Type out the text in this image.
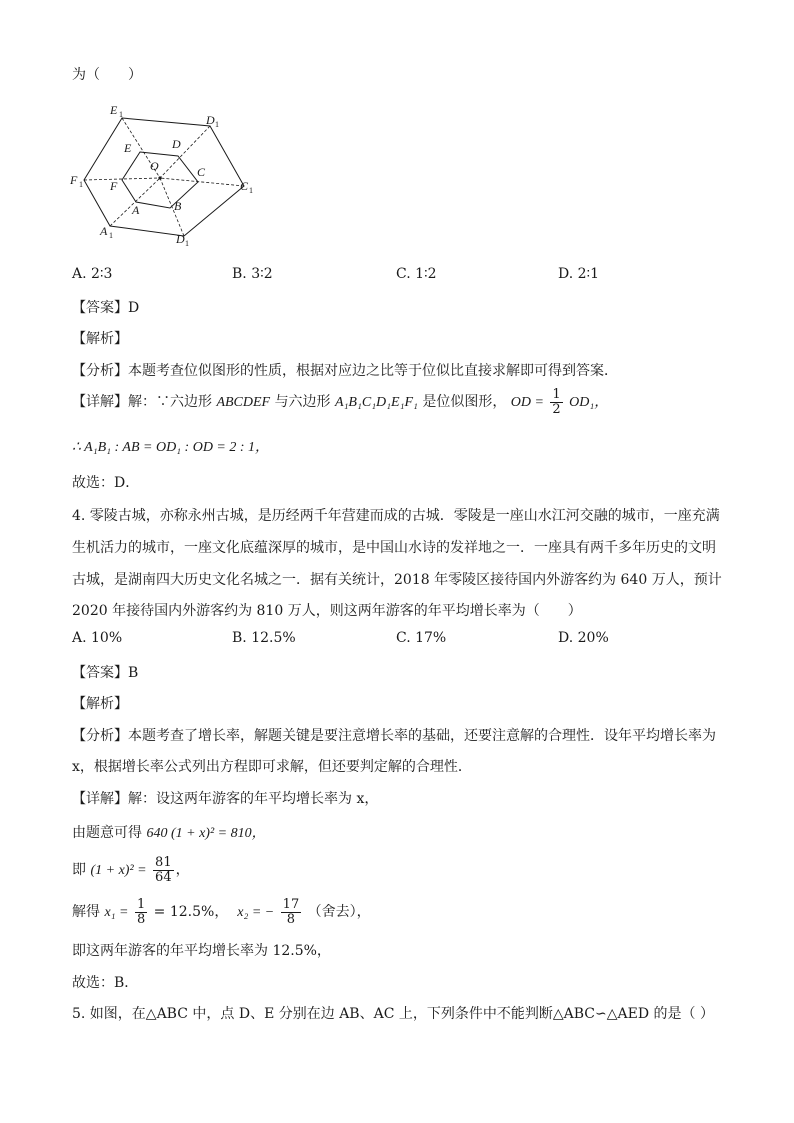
为（　　）
E 1	D 1
C 1
D 1
A 1
F 1
E	D
C
B
A
F
O
A. 2∶3	B. 3∶2	C. 1∶2	D. 2∶1
【答案】D
【解析】
【分析】本题考查位似图形的性质，根据对应边之比等于位似比直接求解即可得到答案．
【详解】解：∵六边形 ABCDEF 与六边形 A₁B₁C₁D₁E₁F₁ 是位似图形， OD = $\frac{1}{2} OD_1$，
∴ A₁B₁ : AB = OD₁ : OD = 2 : 1，
故选：D．
4. 零陵古城，亦称永州古城，是历经两千年营建而成的古城．零陵是一座山水江河交融的城市，一座充满
生机活力的城市，一座文化底蕴深厚的城市，是中国山水诗的发祥地之一．一座具有两千多年历史的文明
古城，是湖南四大历史文化名城之一．据有关统计，2018 年零陵区接待国内外游客约为 640 万人，预计
2020 年接待国内外游客约为 810 万人，则这两年游客的年平均增长率为（　　）
A. 10%	B. 12.5%	C. 17%	D. 20%
【答案】B
【解析】
【分析】本题考查了增长率，解题关键是要注意增长率的基础，还要注意解的合理性．设年平均增长率为
x，根据增长率公式列出方程即可求解，但还要判定解的合理性．
【详解】解：设这两年游客的年平均增长率为 x，
由题意可得 640 (1 + x)² = 810，
即 $(1 + x)^2 = \frac{81}{64}$ ，
解得 $x_1 = \frac{1}{8} = 12.5\%$， x₂ = − $\frac{17}{8}$ （舍去），
即这两年游客的年平均增长率为 12.5%，
故选：B．
5. 如图，在△ABC 中，点 D、E 分别在边 AB、AC 上，下列条件中不能判断△ABC∽△AED 的是（ ）
